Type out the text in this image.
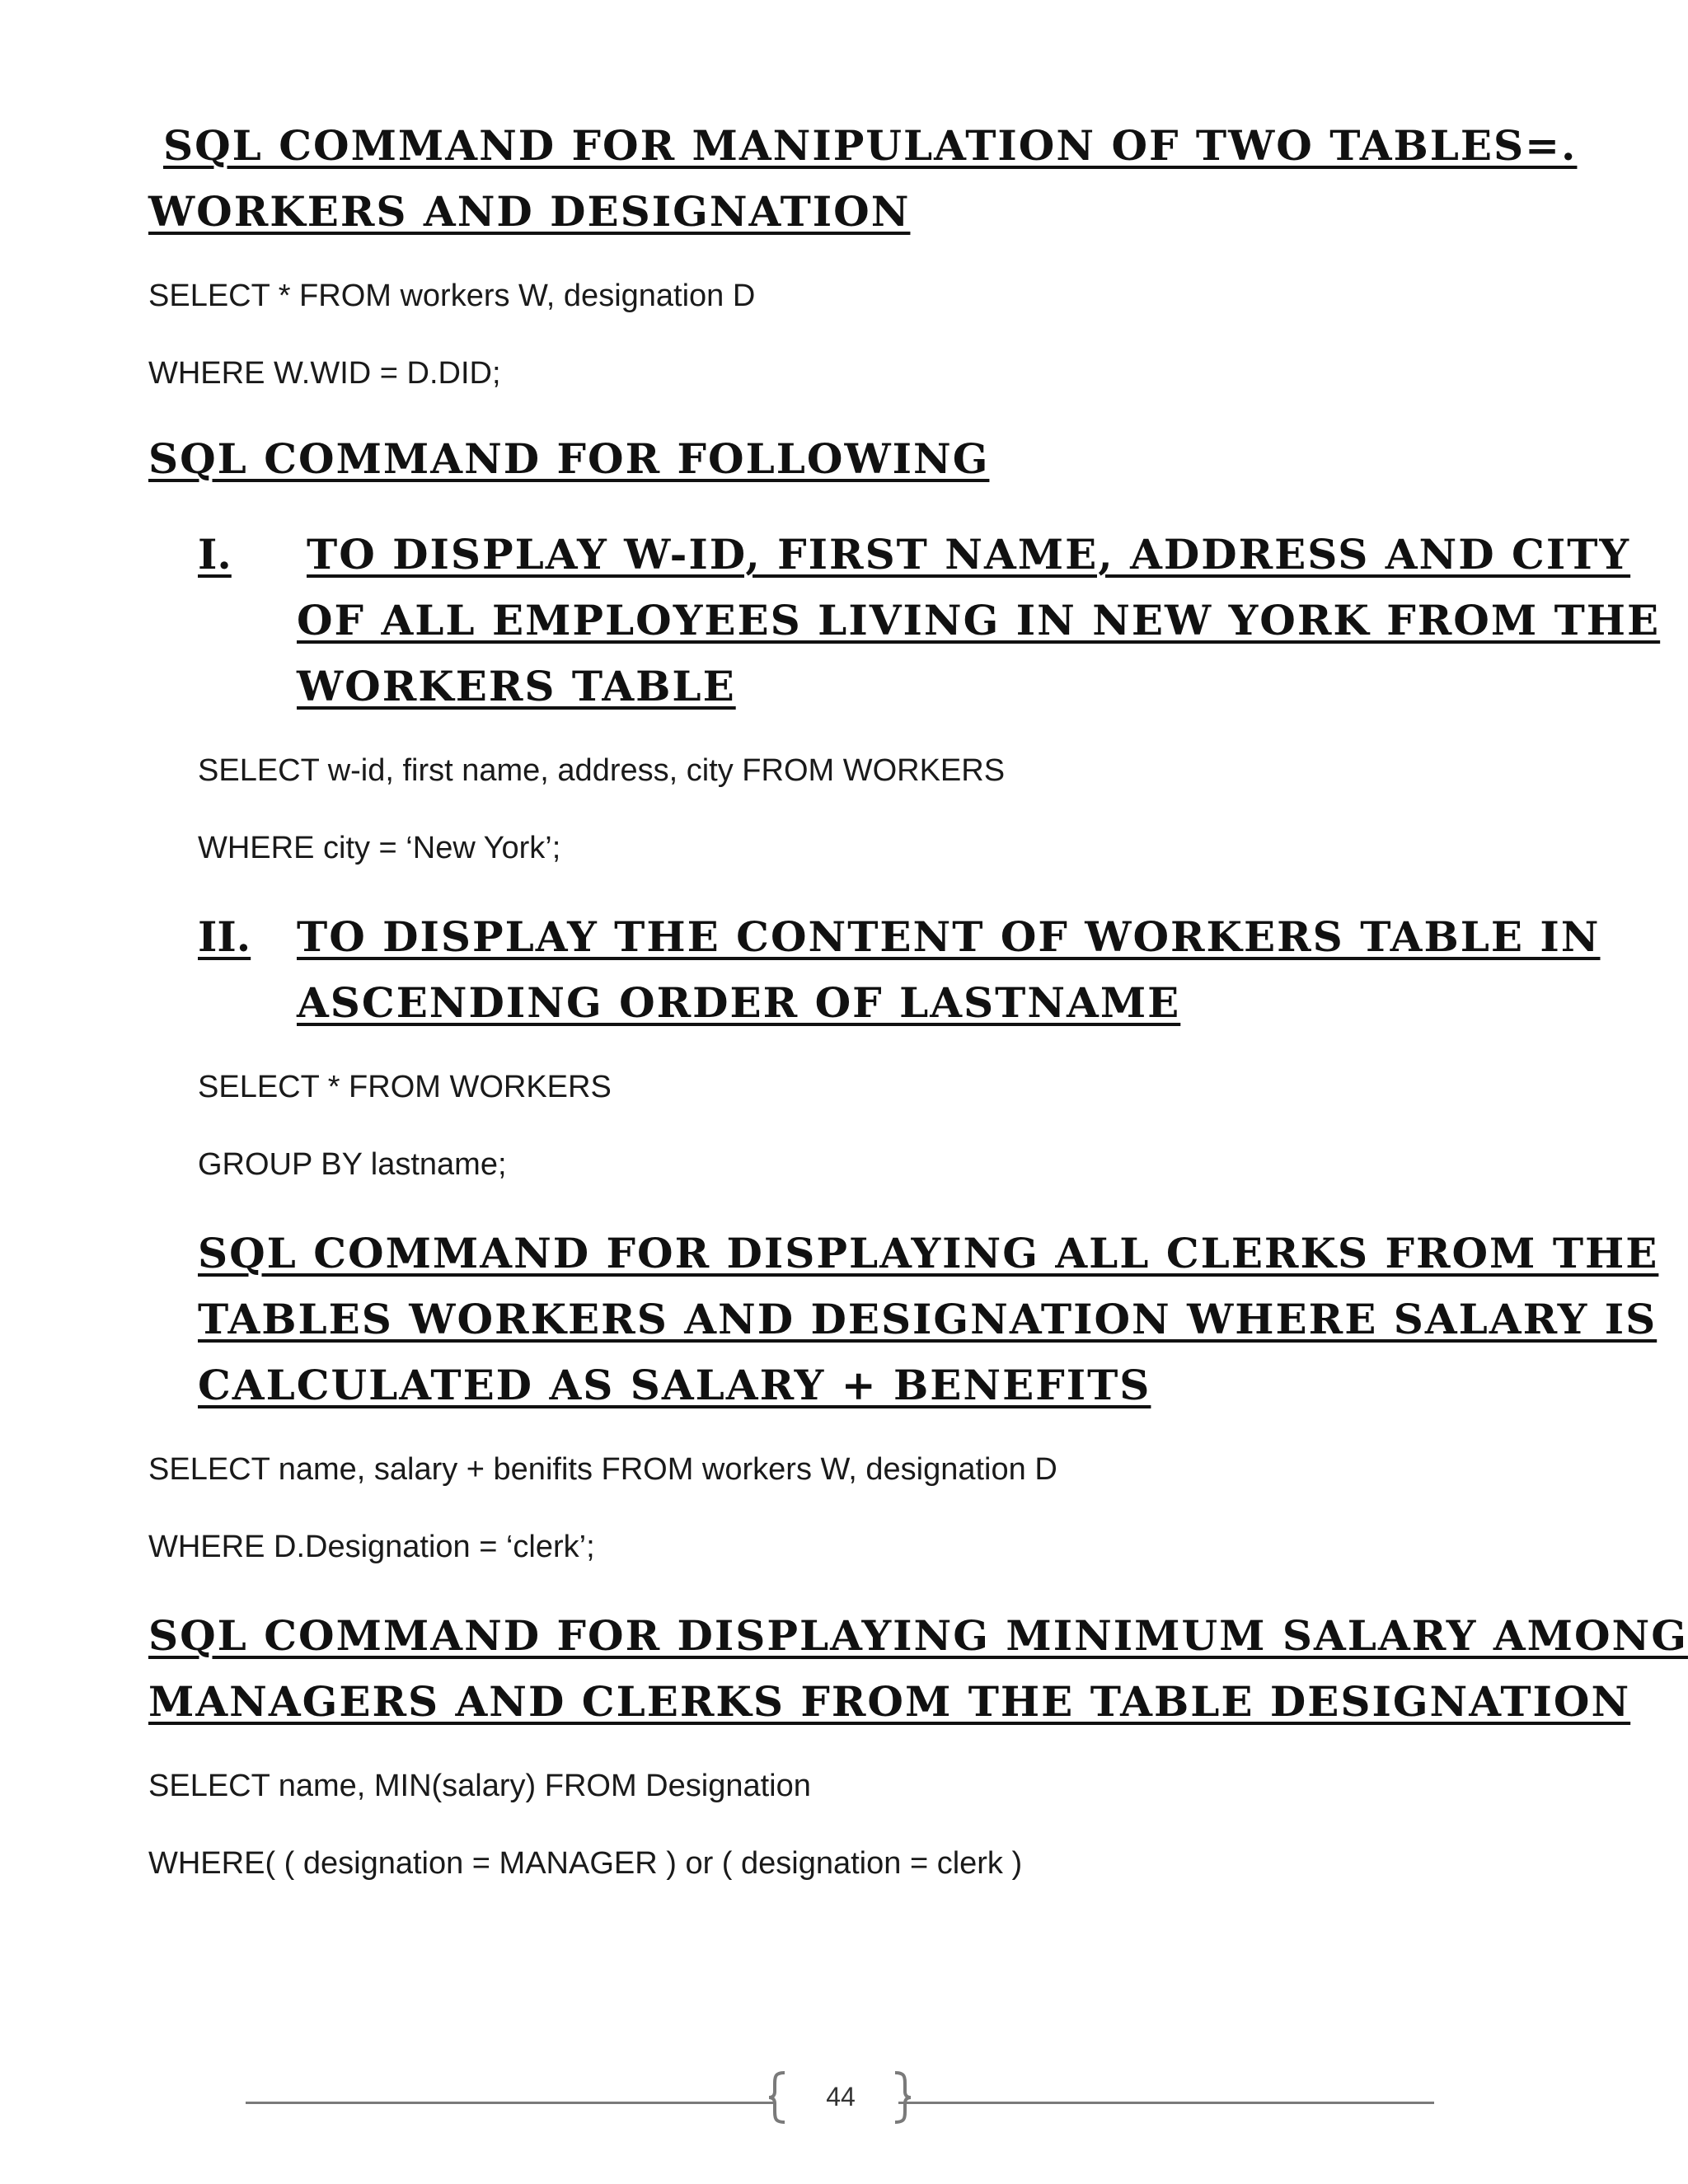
SQL COMMAND FOR MANIPULATION OF TWO TABLES=.
WORKERS AND DESIGNATION
SELECT * FROM workers W, designation D
WHERE W.WID = D.DID;
SQL COMMAND FOR FOLLOWING
I. TO DISPLAY W-ID, FIRST NAME, ADDRESS AND CITY
OF ALL EMPLOYEES LIVING IN NEW YORK FROM THE
WORKERS TABLE
SELECT w-id, first name, address, city FROM WORKERS
WHERE city = ‘New York’;
II. TO DISPLAY THE CONTENT OF WORKERS TABLE IN
ASCENDING ORDER OF LASTNAME
SELECT * FROM WORKERS
GROUP BY lastname;
SQL COMMAND FOR DISPLAYING ALL CLERKS FROM THE
TABLES WORKERS AND DESIGNATION WHERE SALARY IS
CALCULATED AS SALARY + BENEFITS
SELECT name, salary + benifits FROM workers W, designation D
WHERE D.Designation = ‘clerk’;
SQL COMMAND FOR DISPLAYING MINIMUM SALARY AMONG
MANAGERS AND CLERKS FROM THE TABLE DESIGNATION
SELECT name, MIN(salary) FROM Designation
WHERE( ( designation = MANAGER ) or ( designation = clerk )
44
